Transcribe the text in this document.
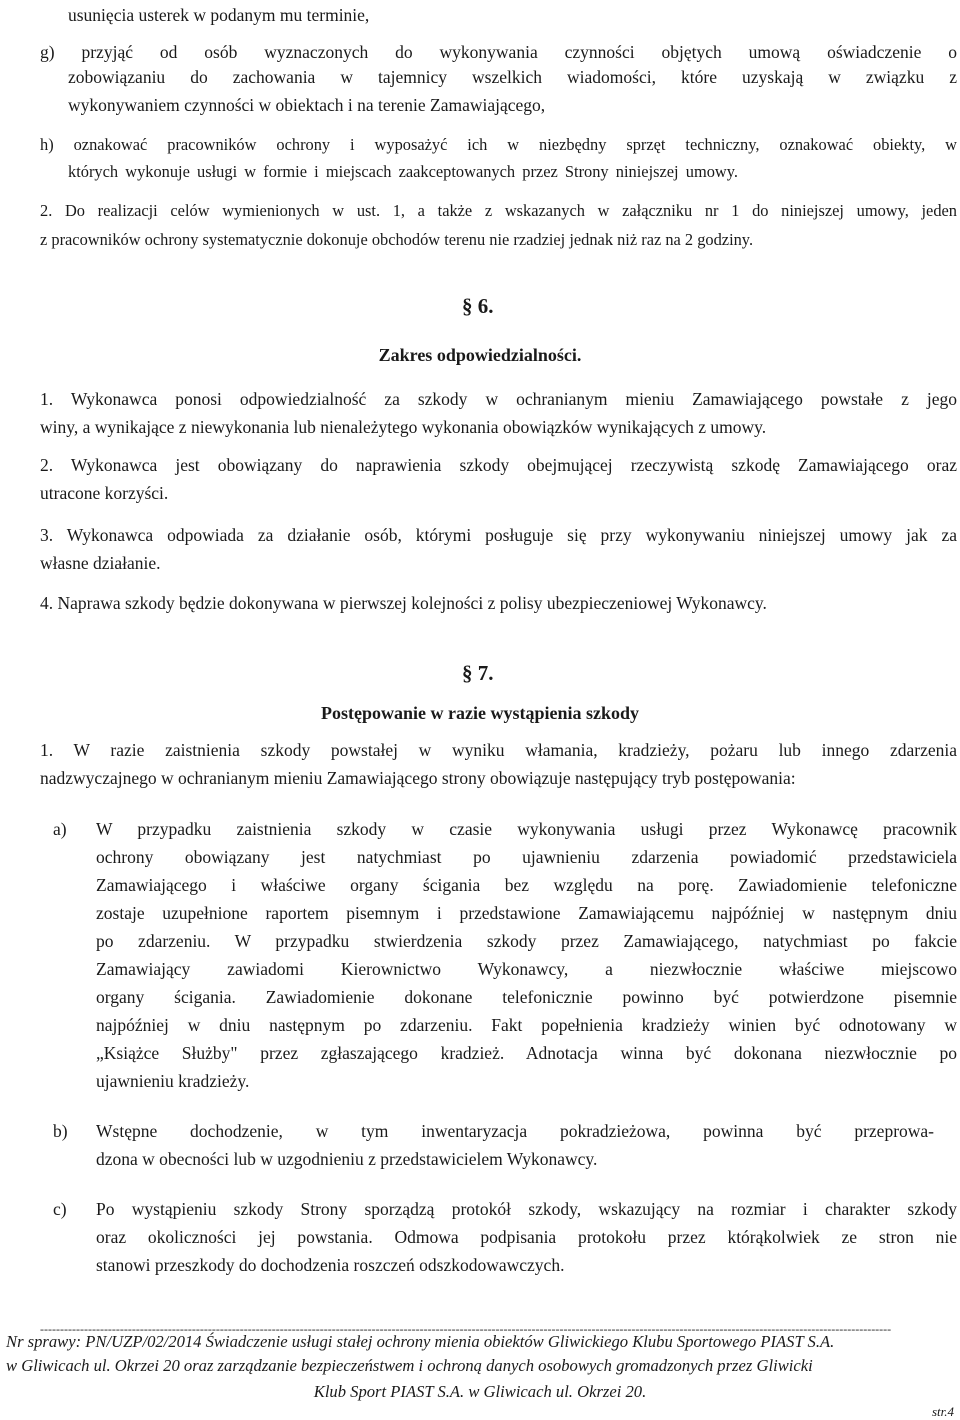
usunięcia usterek w podanym mu terminie,
g) przyjąć od osób wyznaczonych do wykonywania czynności objętych umową oświadczenie o
zobowiązaniu do zachowania w tajemnicy wszelkich wiadomości, które uzyskają w związku z
wykonywaniem czynności w obiektach i na terenie Zamawiającego,
h) oznakować pracowników ochrony i wyposażyć ich w niezbędny sprzęt techniczny, oznakować obiekty, w
których wykonuje usługi w formie i miejscach zaakceptowanych przez Strony niniejszej umowy.
2. Do realizacji celów wymienionych w ust. 1, a także z wskazanych w załączniku nr 1 do niniejszej umowy, jeden
z pracowników ochrony systematycznie dokonuje obchodów terenu nie rzadziej jednak niż raz na 2 godziny.
§ 6.
Zakres odpowiedzialności.
1. Wykonawca ponosi odpowiedzialność za szkody w ochranianym mieniu Zamawiającego powstałe z jego
winy, a wynikające z niewykonania lub nienależytego wykonania obowiązków wynikających z umowy.
2. Wykonawca jest obowiązany do naprawienia szkody obejmującej rzeczywistą szkodę Zamawiającego oraz
utracone korzyści.
3. Wykonawca odpowiada za działanie osób, którymi posługuje się przy wykonywaniu niniejszej umowy jak za
własne działanie.
4. Naprawa szkody będzie dokonywana w pierwszej kolejności z polisy ubezpieczeniowej Wykonawcy.
§ 7.
Postępowanie w razie wystąpienia szkody
1. W razie zaistnienia szkody powstałej w wyniku włamania, kradzieży, pożaru lub innego zdarzenia
nadzwyczajnego w ochranianym mieniu Zamawiającego strony obowiązuje następujący tryb postępowania:
a) W przypadku zaistnienia szkody w czasie wykonywania usługi przez Wykonawcę pracownik
ochrony obowiązany jest natychmiast po ujawnieniu zdarzenia powiadomić przedstawiciela
Zamawiającego i właściwe organy ścigania bez względu na porę. Zawiadomienie telefoniczne
zostaje uzupełnione raportem pisemnym i przedstawione Zamawiającemu najpóźniej w następnym dniu
po zdarzeniu. W przypadku stwierdzenia szkody przez Zamawiającego, natychmiast po fakcie
Zamawiający zawiadomi Kierownictwo Wykonawcy, a niezwłocznie właściwe miejscowo
organy ścigania. Zawiadomienie dokonane telefonicznie powinno być potwierdzone pisemnie
najpóźniej w dniu następnym po zdarzeniu. Fakt popełnienia kradzieży winien być odnotowany w
„Książce Służby" przez zgłaszającego kradzież. Adnotacja winna być dokonana niezwłocznie po
ujawnieniu kradzieży.
b) Wstępne dochodzenie, w tym inwentaryzacja pokradzieżowa, powinna być przeprowa-
dzona w obecności lub w uzgodnieniu z przedstawicielem Wykonawcy.
c) Po wystąpieniu szkody Strony sporządzą protokół szkody, wskazujący na rozmiar i charakter szkody
oraz okoliczności jej powstania. Odmowa podpisania protokołu przez którąkolwiek ze stron nie
stanowi przeszkody do dochodzenia roszczeń odszkodowawczych.
---------------------------------------------------------------------------------------------------------------------------------------------------------------------------------------------------------------------
Nr sprawy: PN/UZP/02/2014 Świadczenie usługi stałej ochrony mienia obiektów Gliwickiego Klubu Sportowego PIAST S.A.
w Gliwicach ul. Okrzei 20 oraz zarządzanie bezpieczeństwem i ochroną danych osobowych gromadzonych przez Gliwicki
Klub Sport PIAST S.A. w Gliwicach ul. Okrzei 20.
str.4
